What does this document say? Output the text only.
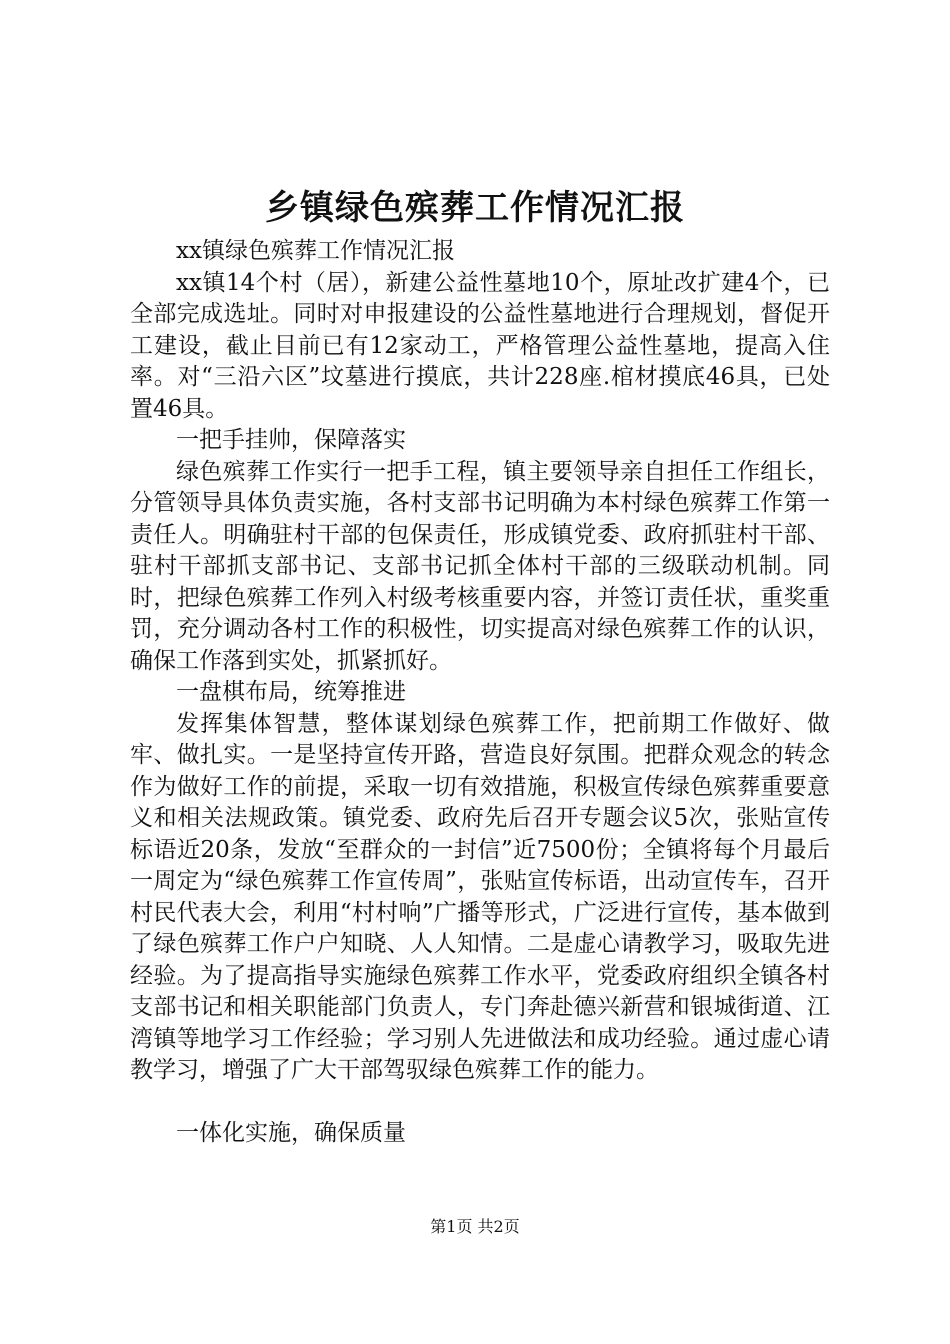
乡镇绿色殡葬工作情况汇报

xx镇绿色殡葬工作情况汇报

xx镇14个村（居），新建公益性墓地10个，原址改扩建4个，已全部完成选址。同时对申报建设的公益性墓地进行合理规划，督促开工建设，截止目前已有12家动工，严格管理公益性墓地，提高入住率。对“三沿六区”坟墓进行摸底，共计228座.棺材摸底46具，已处置46具。

一把手挂帅，保障落实

绿色殡葬工作实行一把手工程，镇主要领导亲自担任工作组长，分管领导具体负责实施，各村支部书记明确为本村绿色殡葬工作第一责任人。明确驻村干部的包保责任，形成镇党委、政府抓驻村干部、驻村干部抓支部书记、支部书记抓全体村干部的三级联动机制。同时，把绿色殡葬工作列入村级考核重要内容，并签订责任状，重奖重罚，充分调动各村工作的积极性，切实提高对绿色殡葬工作的认识，确保工作落到实处，抓紧抓好。

一盘棋布局，统筹推进

发挥集体智慧，整体谋划绿色殡葬工作，把前期工作做好、做牢、做扎实。一是坚持宣传开路，营造良好氛围。把群众观念的转念作为做好工作的前提，采取一切有效措施，积极宣传绿色殡葬重要意义和相关法规政策。镇党委、政府先后召开专题会议5次，张贴宣传标语近20条，发放“至群众的一封信”近7500份；全镇将每个月最后一周定为“绿色殡葬工作宣传周”，张贴宣传标语，出动宣传车，召开村民代表大会，利用“村村响”广播等形式，广泛进行宣传，基本做到了绿色殡葬工作户户知晓、人人知情。二是虚心请教学习，吸取先进经验。为了提高指导实施绿色殡葬工作水平，党委政府组织全镇各村支部书记和相关职能部门负责人，专门奔赴德兴新营和银城街道、江湾镇等地学习工作经验；学习别人先进做法和成功经验。通过虚心请教学习，增强了广大干部驾驭绿色殡葬工作的能力。

一体化实施，确保质量

第1页 共2页
